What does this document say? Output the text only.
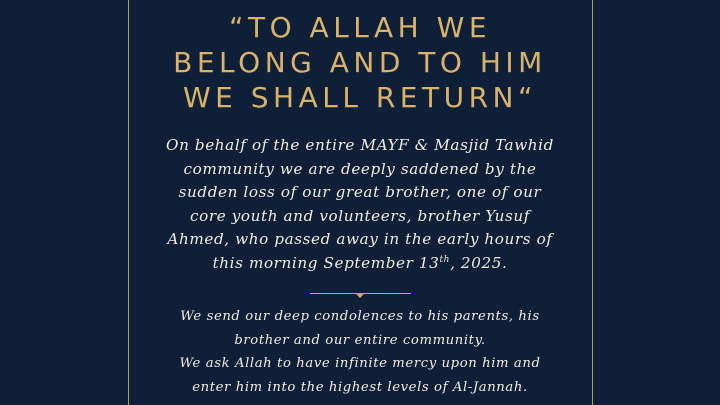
“TO ALLAH WE
BELONG AND TO HIM
WE SHALL RETURN“

On behalf of the entire MAYF & Masjid Tawhid
community we are deeply saddened by the
sudden loss of our great brother, one of our
core youth and volunteers, brother Yusuf
Ahmed, who passed away in the early hours of
this morning September 13th, 2025.

We send our deep condolences to his parents, his
brother and our entire community.
We ask Allah to have infinite mercy upon him and
enter him into the highest levels of Al-Jannah.
